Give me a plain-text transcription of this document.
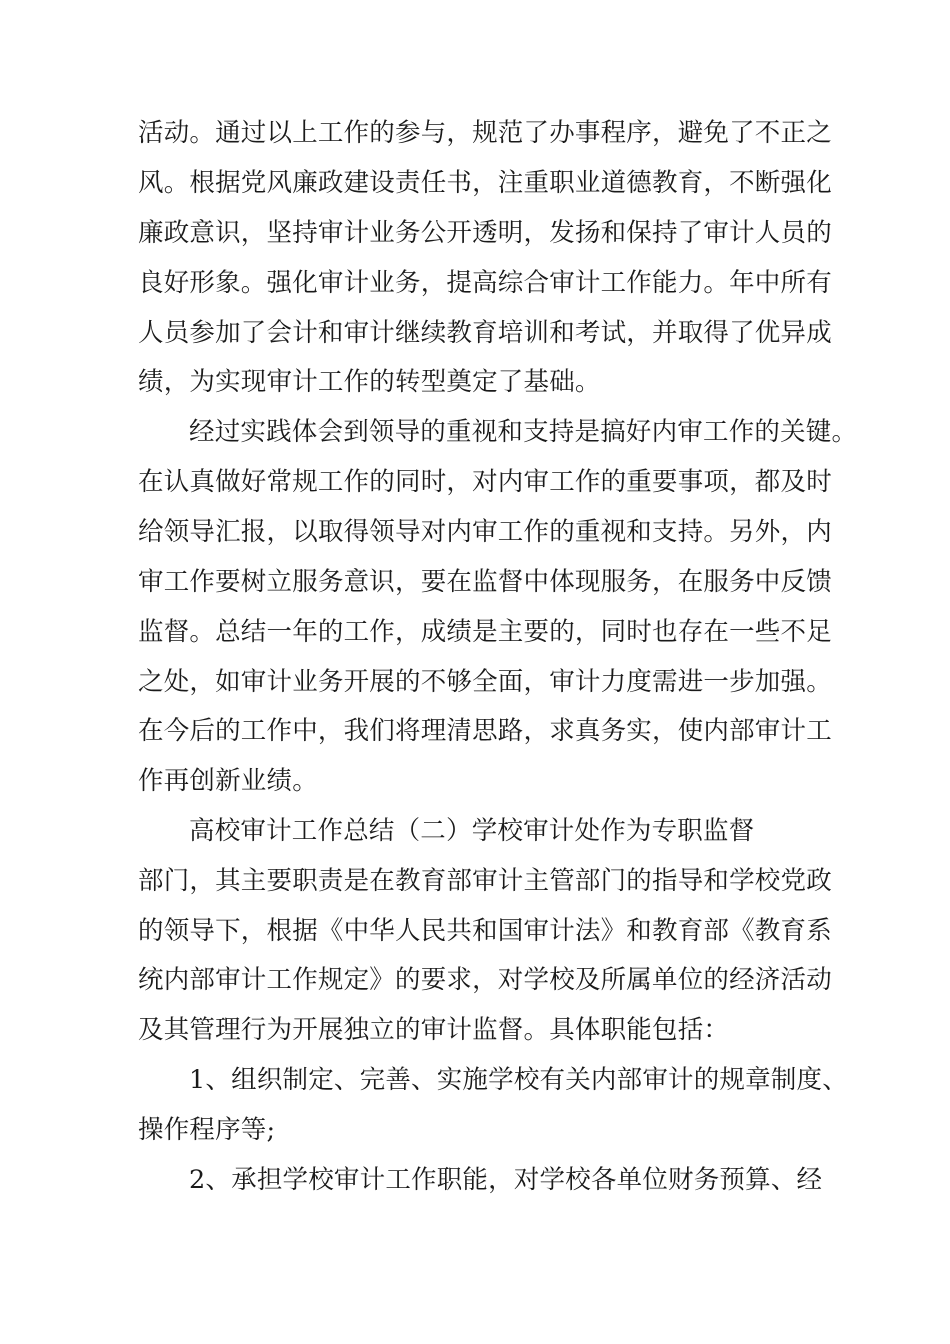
活动。通过以上工作的参与，规范了办事程序，避免了不正之
风。根据党风廉政建设责任书，注重职业道德教育，不断强化
廉政意识，坚持审计业务公开透明，发扬和保持了审计人员的
良好形象。强化审计业务，提高综合审计工作能力。年中所有
人员参加了会计和审计继续教育培训和考试，并取得了优异成
绩，为实现审计工作的转型奠定了基础。
经过实践体会到领导的重视和支持是搞好内审工作的关键。
在认真做好常规工作的同时，对内审工作的重要事项，都及时
给领导汇报，以取得领导对内审工作的重视和支持。另外，内
审工作要树立服务意识，要在监督中体现服务，在服务中反馈
监督。总结一年的工作，成绩是主要的，同时也存在一些不足
之处，如审计业务开展的不够全面，审计力度需进一步加强。
在今后的工作中，我们将理清思路，求真务实，使内部审计工
作再创新业绩。
高校审计工作总结（二）学校审计处作为专职监督
部门，其主要职责是在教育部审计主管部门的指导和学校党政
的领导下，根据《中华人民共和国审计法》和教育部《教育系
统内部审计工作规定》的要求，对学校及所属单位的经济活动
及其管理行为开展独立的审计监督。具体职能包括：
1、组织制定、完善、实施学校有关内部审计的规章制度、
操作程序等;
2、承担学校审计工作职能，对学校各单位财务预算、经
